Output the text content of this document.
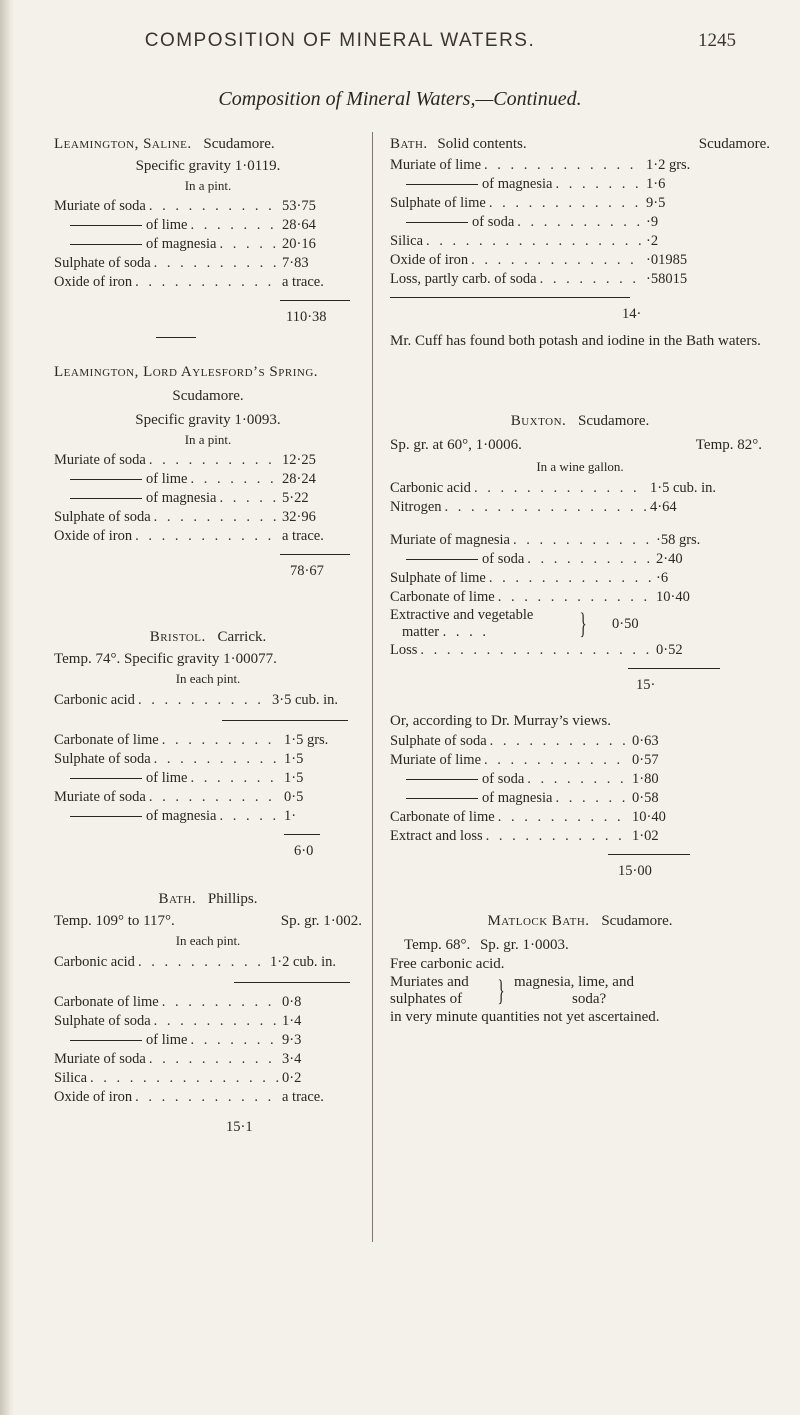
COMPOSITION OF MINERAL WATERS.	1245
Composition of Mineral Waters,—Continued.
Leamington, Saline. Scudamore.
Specific gravity 1·0119.
In a pint.
Muriate of soda . . .	53·75
of lime . . .	28·64
of magnesia . . .	20·16
Sulphate of soda . . .	7·83
Oxide of iron . . .	a trace.
110·38
Leamington, Lord Aylesford’s Spring.
Scudamore.
Specific gravity 1·0093.
In a pint.
Muriate of soda . . .	12·25
of lime . . .	28·24
of magnesia . . .	5·22
Sulphate of soda . . .	32·96
Oxide of iron . . .	a trace.
78·67
Bristol. Carrick.
Temp. 74°. Specific gravity 1·00077.
In each pint.
Carbonic acid . . .	3·5 cub. in.
Carbonate of lime . . .	1·5 grs.
Sulphate of soda . . .	1·5
of lime . . .	1·5
Muriate of soda . . .	0·5
of magnesia . . .	1·
6·0
Bath. Phillips.
Temp. 109° to 117°.	Sp. gr. 1·002.
In each pint.
Carbonic acid . . .	1·2 cub. in.
Carbonate of lime . . .	0·8
Sulphate of soda . . .	1·4
of lime . . .	9·3
Muriate of soda . . .	3·4
Silica . . .	0·2
Oxide of iron . . .	a trace.
15·1
Bath. Solid contents.	Scudamore.
Muriate of lime . . .	1·2 grs.
of magnesia . . .	1·6
Sulphate of lime . . .	9·5
of soda . . .	·9
Silica . . .	·2
Oxide of iron . . .	·01985
Loss, partly carb. of soda . . .	·58015
14·
Mr. Cuff has found both potash and iodine in the Bath waters.
Buxton. Scudamore.
Sp. gr. at 60°, 1·0006.	Temp. 82°.
In a wine gallon.
Carbonic acid . . .	1·5 cub. in.
Nitrogen . . .	4·64
Muriate of magnesia . . .	·58 grs.
of soda . . .	2·40
Sulphate of lime . . .	·6
Carbonate of lime . . .	10·40
Extractive and vegetable
matter . . . .	} 0·50
Loss . . .	0·52
15·
Or, according to Dr. Murray’s views.
Sulphate of soda . . .	0·63
Muriate of lime . . .	0·57
of soda . . .	1·80
of magnesia . . .	0·58
Carbonate of lime . . .	10·40
Extract and loss . . .	1·02
15·00
Matlock Bath. Scudamore.
Temp. 68°. Sp. gr. 1·0003.
Free carbonic acid.
Muriates and
sulphates of	} magnesia, lime, and
soda?
in very minute quantities not yet ascertained.
